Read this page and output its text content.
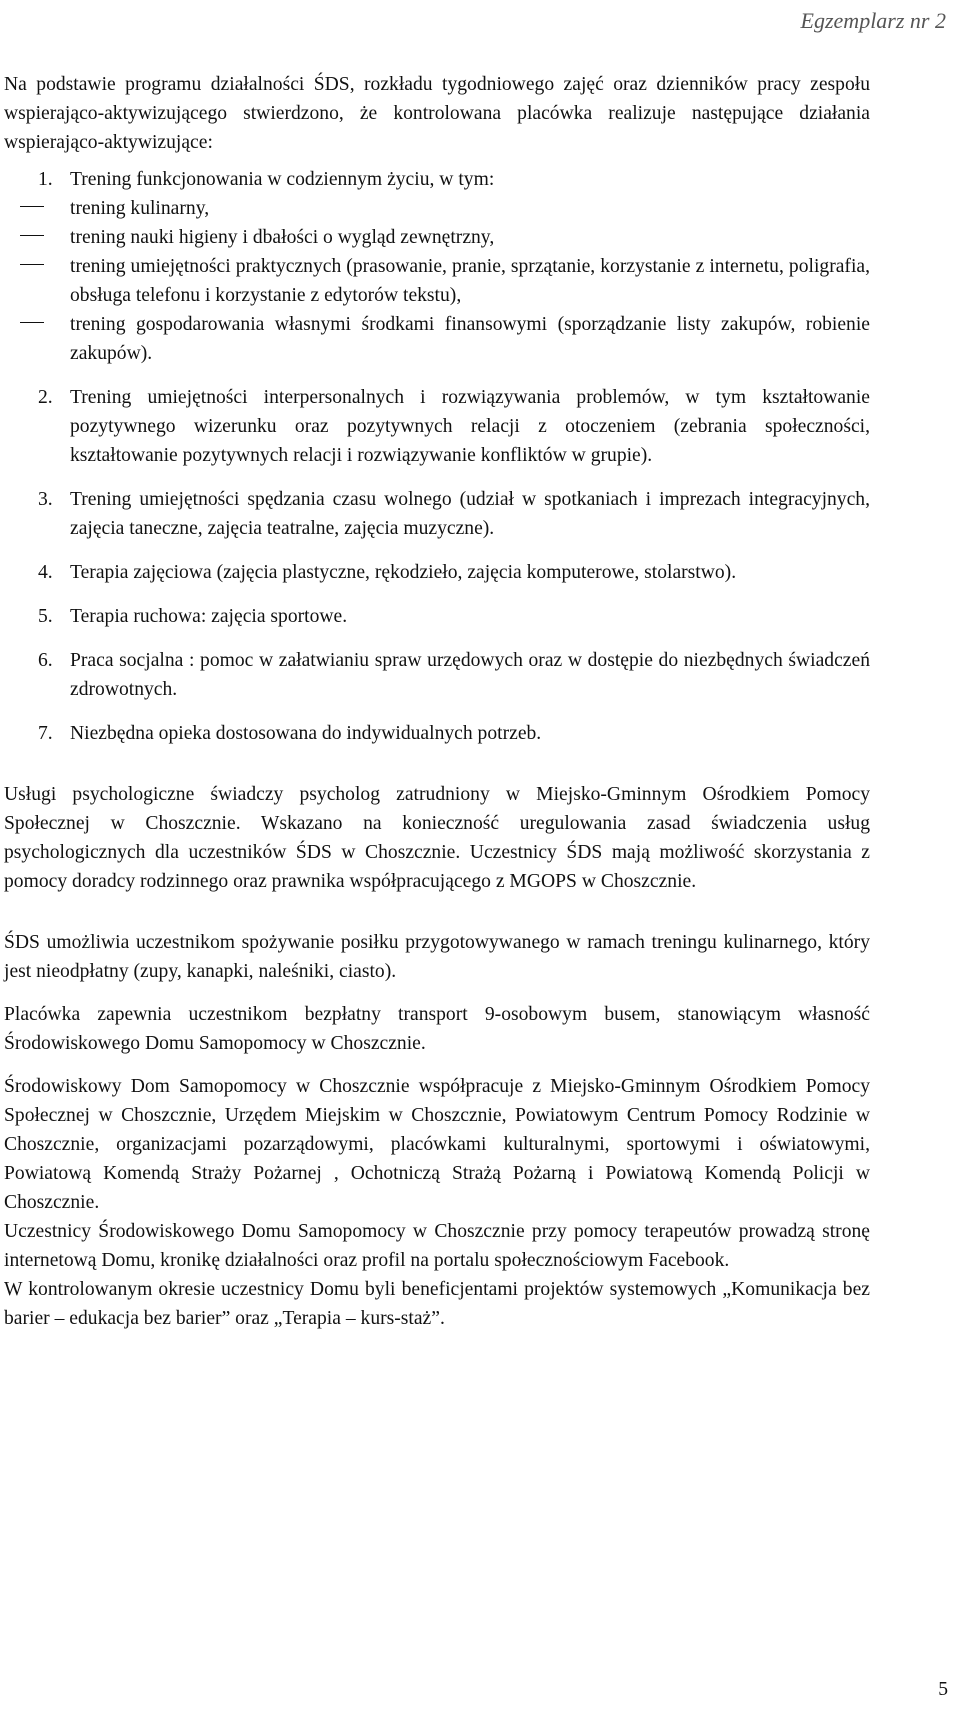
Egzemplarz nr 2

Na podstawie programu działalności ŚDS, rozkładu tygodniowego zajęć oraz dzienników pracy zespołu wspierająco-aktywizującego stwierdzono, że kontrolowana placówka realizuje następujące działania wspierająco-aktywizujące:

1. Trening funkcjonowania w codziennym życiu, w tym:
trening kulinarny,
trening nauki higieny i dbałości o wygląd zewnętrzny,
trening umiejętności praktycznych (prasowanie, pranie, sprzątanie, korzystanie z internetu, poligrafia, obsługa telefonu i korzystanie z edytorów tekstu),
trening gospodarowania własnymi środkami finansowymi (sporządzanie listy zakupów, robienie zakupów).
2. Trening umiejętności interpersonalnych i rozwiązywania problemów, w tym kształtowanie pozytywnego wizerunku oraz pozytywnych relacji z otoczeniem (zebrania społeczności, kształtowanie pozytywnych relacji i rozwiązywanie konfliktów w grupie).
3. Trening umiejętności spędzania czasu wolnego (udział w spotkaniach i imprezach integracyjnych, zajęcia taneczne, zajęcia teatralne, zajęcia muzyczne).
4. Terapia zajęciowa (zajęcia plastyczne, rękodzieło, zajęcia komputerowe, stolarstwo).
5. Terapia ruchowa: zajęcia sportowe.
6. Praca socjalna : pomoc w załatwianiu spraw urzędowych oraz w dostępie do niezbędnych świadczeń zdrowotnych.
7. Niezbędna opieka dostosowana do indywidualnych potrzeb.

Usługi psychologiczne świadczy psycholog zatrudniony w Miejsko-Gminnym Ośrodkiem Pomocy Społecznej w Choszcznie. Wskazano na konieczność uregulowania zasad świadczenia usług psychologicznych dla uczestników ŚDS w Choszcznie. Uczestnicy ŚDS mają możliwość skorzystania z pomocy doradcy rodzinnego oraz prawnika współpracującego z MGOPS w Choszcznie.

ŚDS umożliwia uczestnikom spożywanie posiłku przygotowywanego w ramach treningu kulinarnego, który jest nieodpłatny (zupy, kanapki, naleśniki, ciasto).

Placówka zapewnia uczestnikom bezpłatny transport 9-osobowym busem, stanowiącym własność Środowiskowego Domu Samopomocy w Choszcznie.

Środowiskowy Dom Samopomocy w Choszcznie współpracuje z Miejsko-Gminnym Ośrodkiem Pomocy Społecznej w Choszcznie, Urzędem Miejskim w Choszcznie, Powiatowym Centrum Pomocy Rodzinie w Choszcznie, organizacjami pozarządowymi, placówkami kulturalnymi, sportowymi i oświatowymi, Powiatową Komendą Straży Pożarnej , Ochotniczą Strażą Pożarną i Powiatową Komendą Policji w Choszcznie.

Uczestnicy Środowiskowego Domu Samopomocy w Choszcznie przy pomocy terapeutów prowadzą stronę internetową Domu, kronikę działalności oraz profil na portalu społecznościowym Facebook.

W kontrolowanym okresie uczestnicy Domu byli beneficjentami projektów systemowych „Komunikacja bez barier – edukacja bez barier” oraz „Terapia – kurs-staż”.

5
